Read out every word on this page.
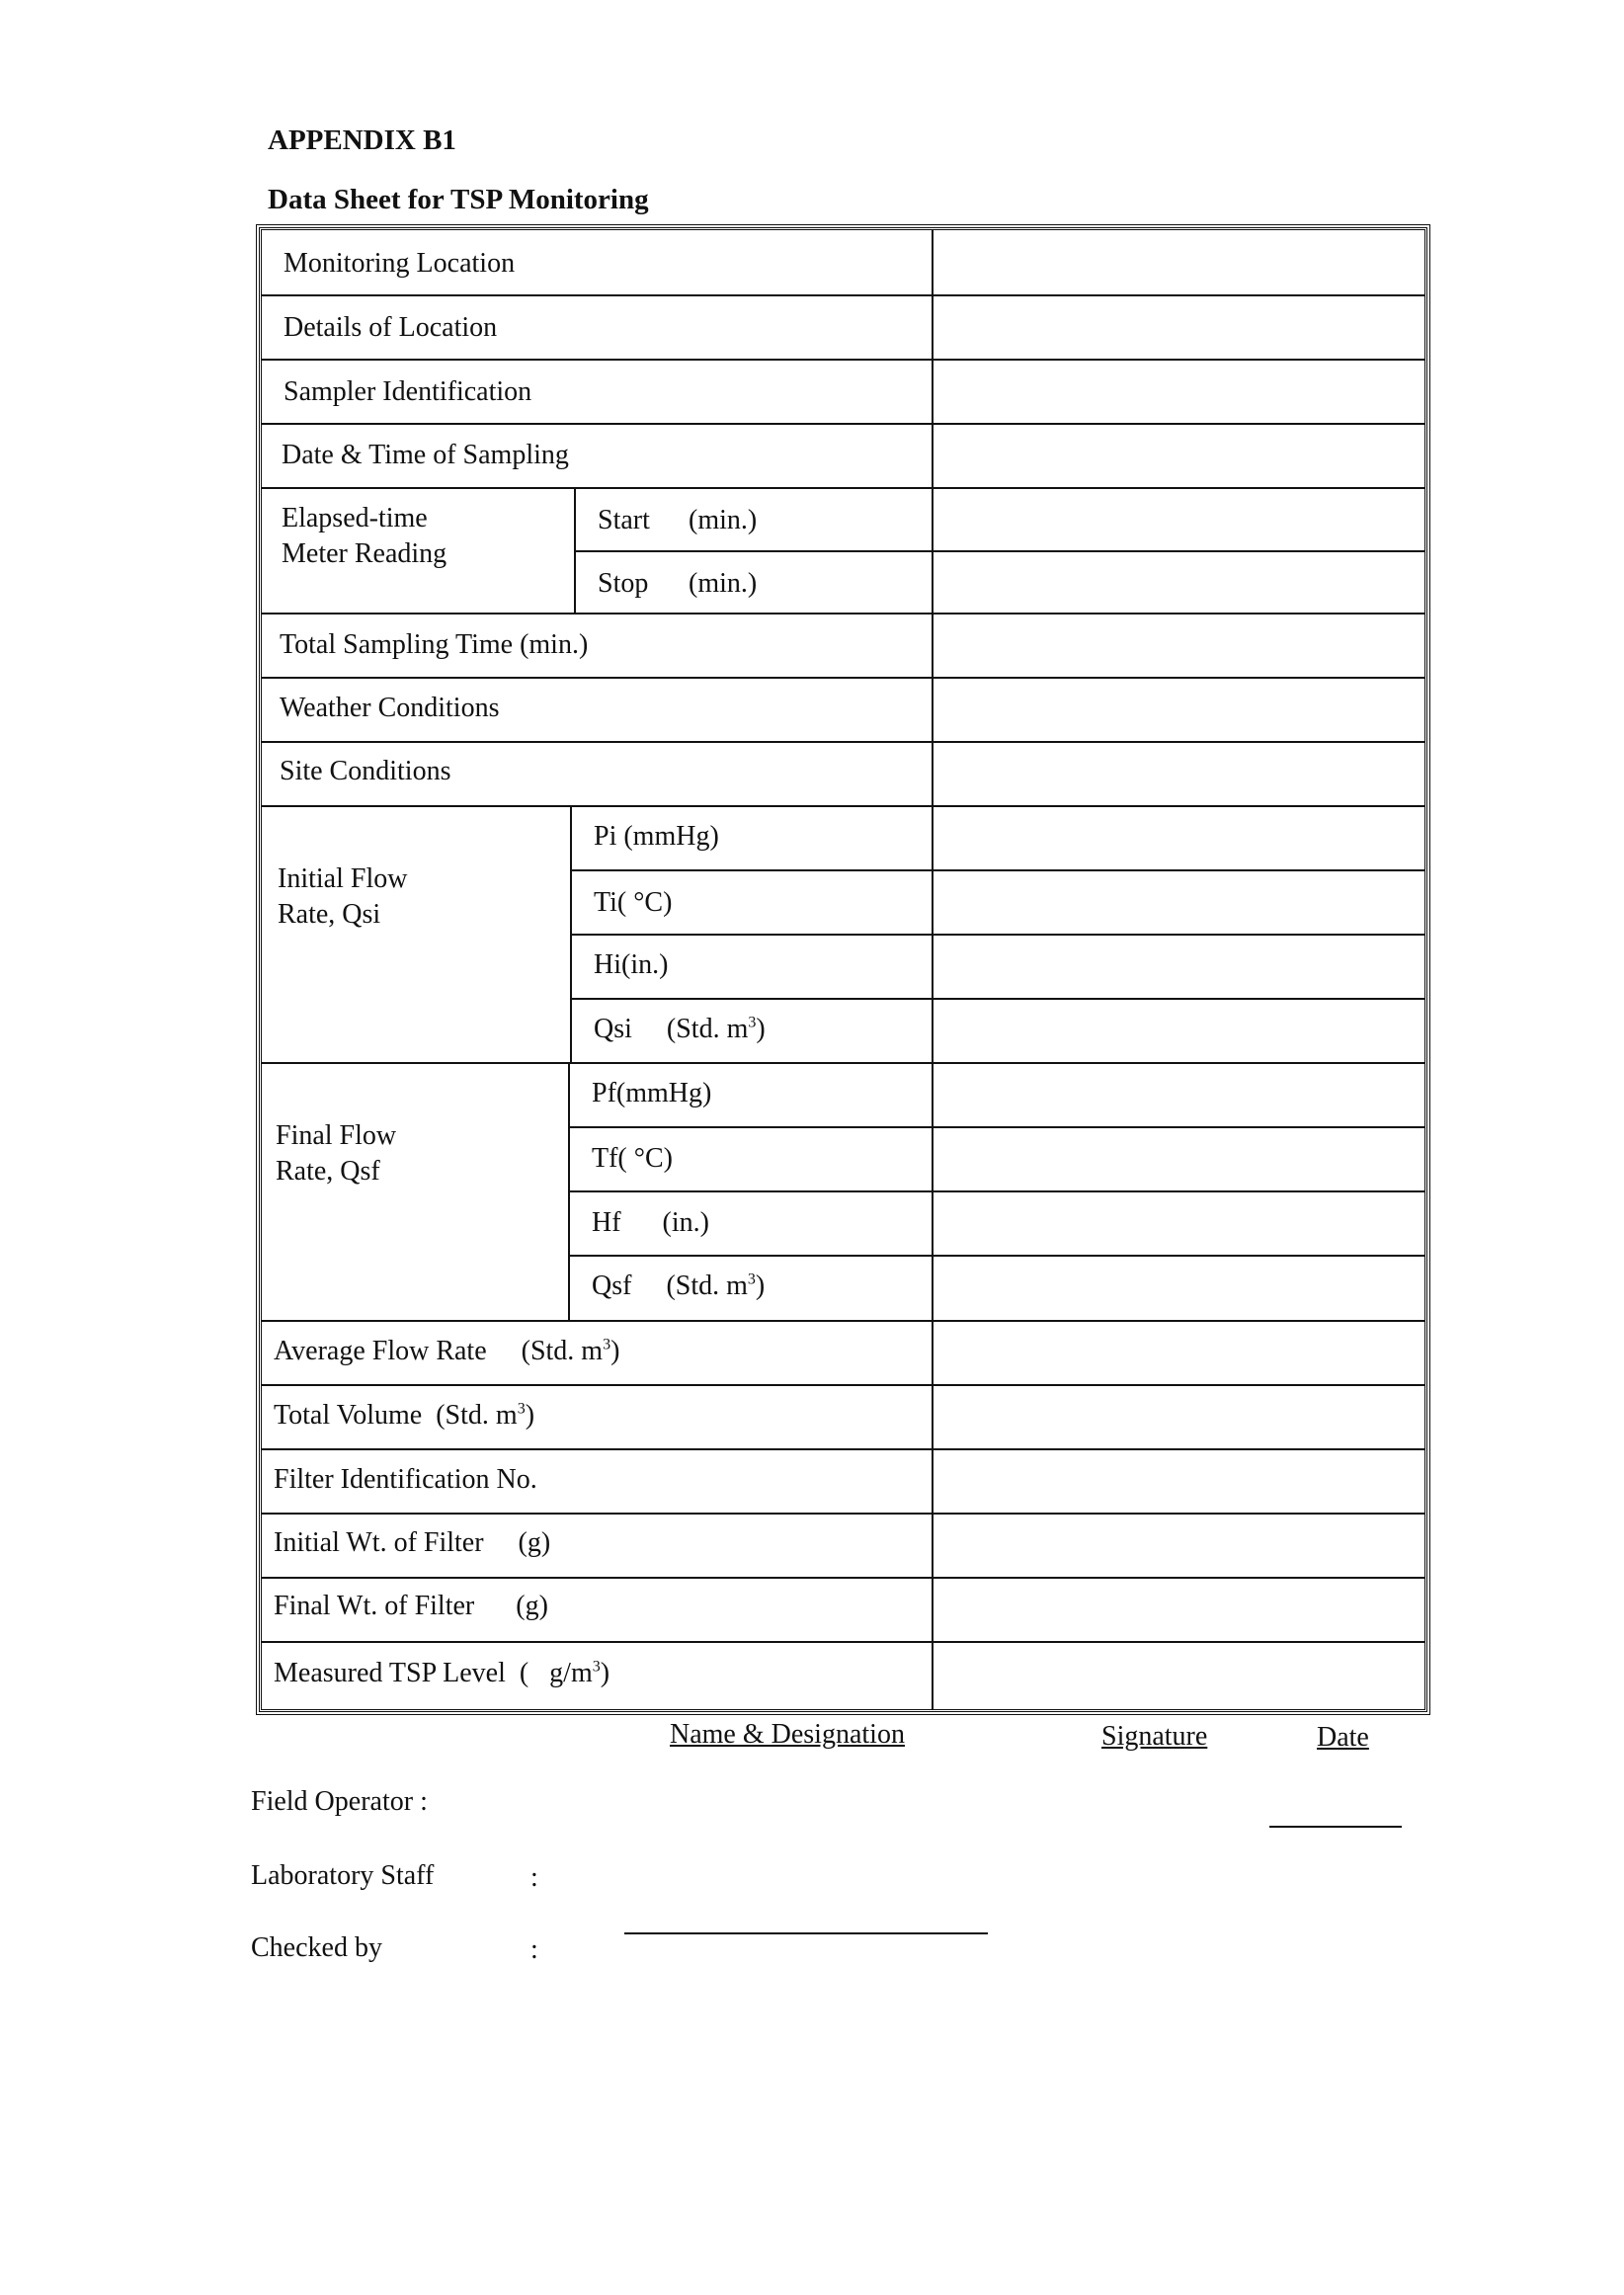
APPENDIX B1
Data Sheet for TSP Monitoring
Monitoring Location
Details of Location
Sampler Identification
Date & Time of Sampling
Elapsed-time
Meter Reading
Start (min.)
Stop (min.)
Total Sampling Time (min.)
Weather Conditions
Site Conditions
Initial Flow
Rate, Qsi
Pi (mmHg)
Ti( °C)
Hi(in.)
Qsi     (Std. $m^3$)
Final Flow
Rate, Qsf
Pf(mmHg)
Tf( °C)
Hf      (in.)
Qsf     (Std. $m^3$)
Average Flow Rate     (Std. $m^3$)
Total Volume  (Std. $m^3$)
Filter Identification No.
Initial Wt. of Filter     (g)
Final Wt. of Filter      (g)
Measured TSP Level  (   $g/m^3$)
Name & Designation	Signature	Date
Field Operator :
Laboratory Staff	:
Checked by	:
